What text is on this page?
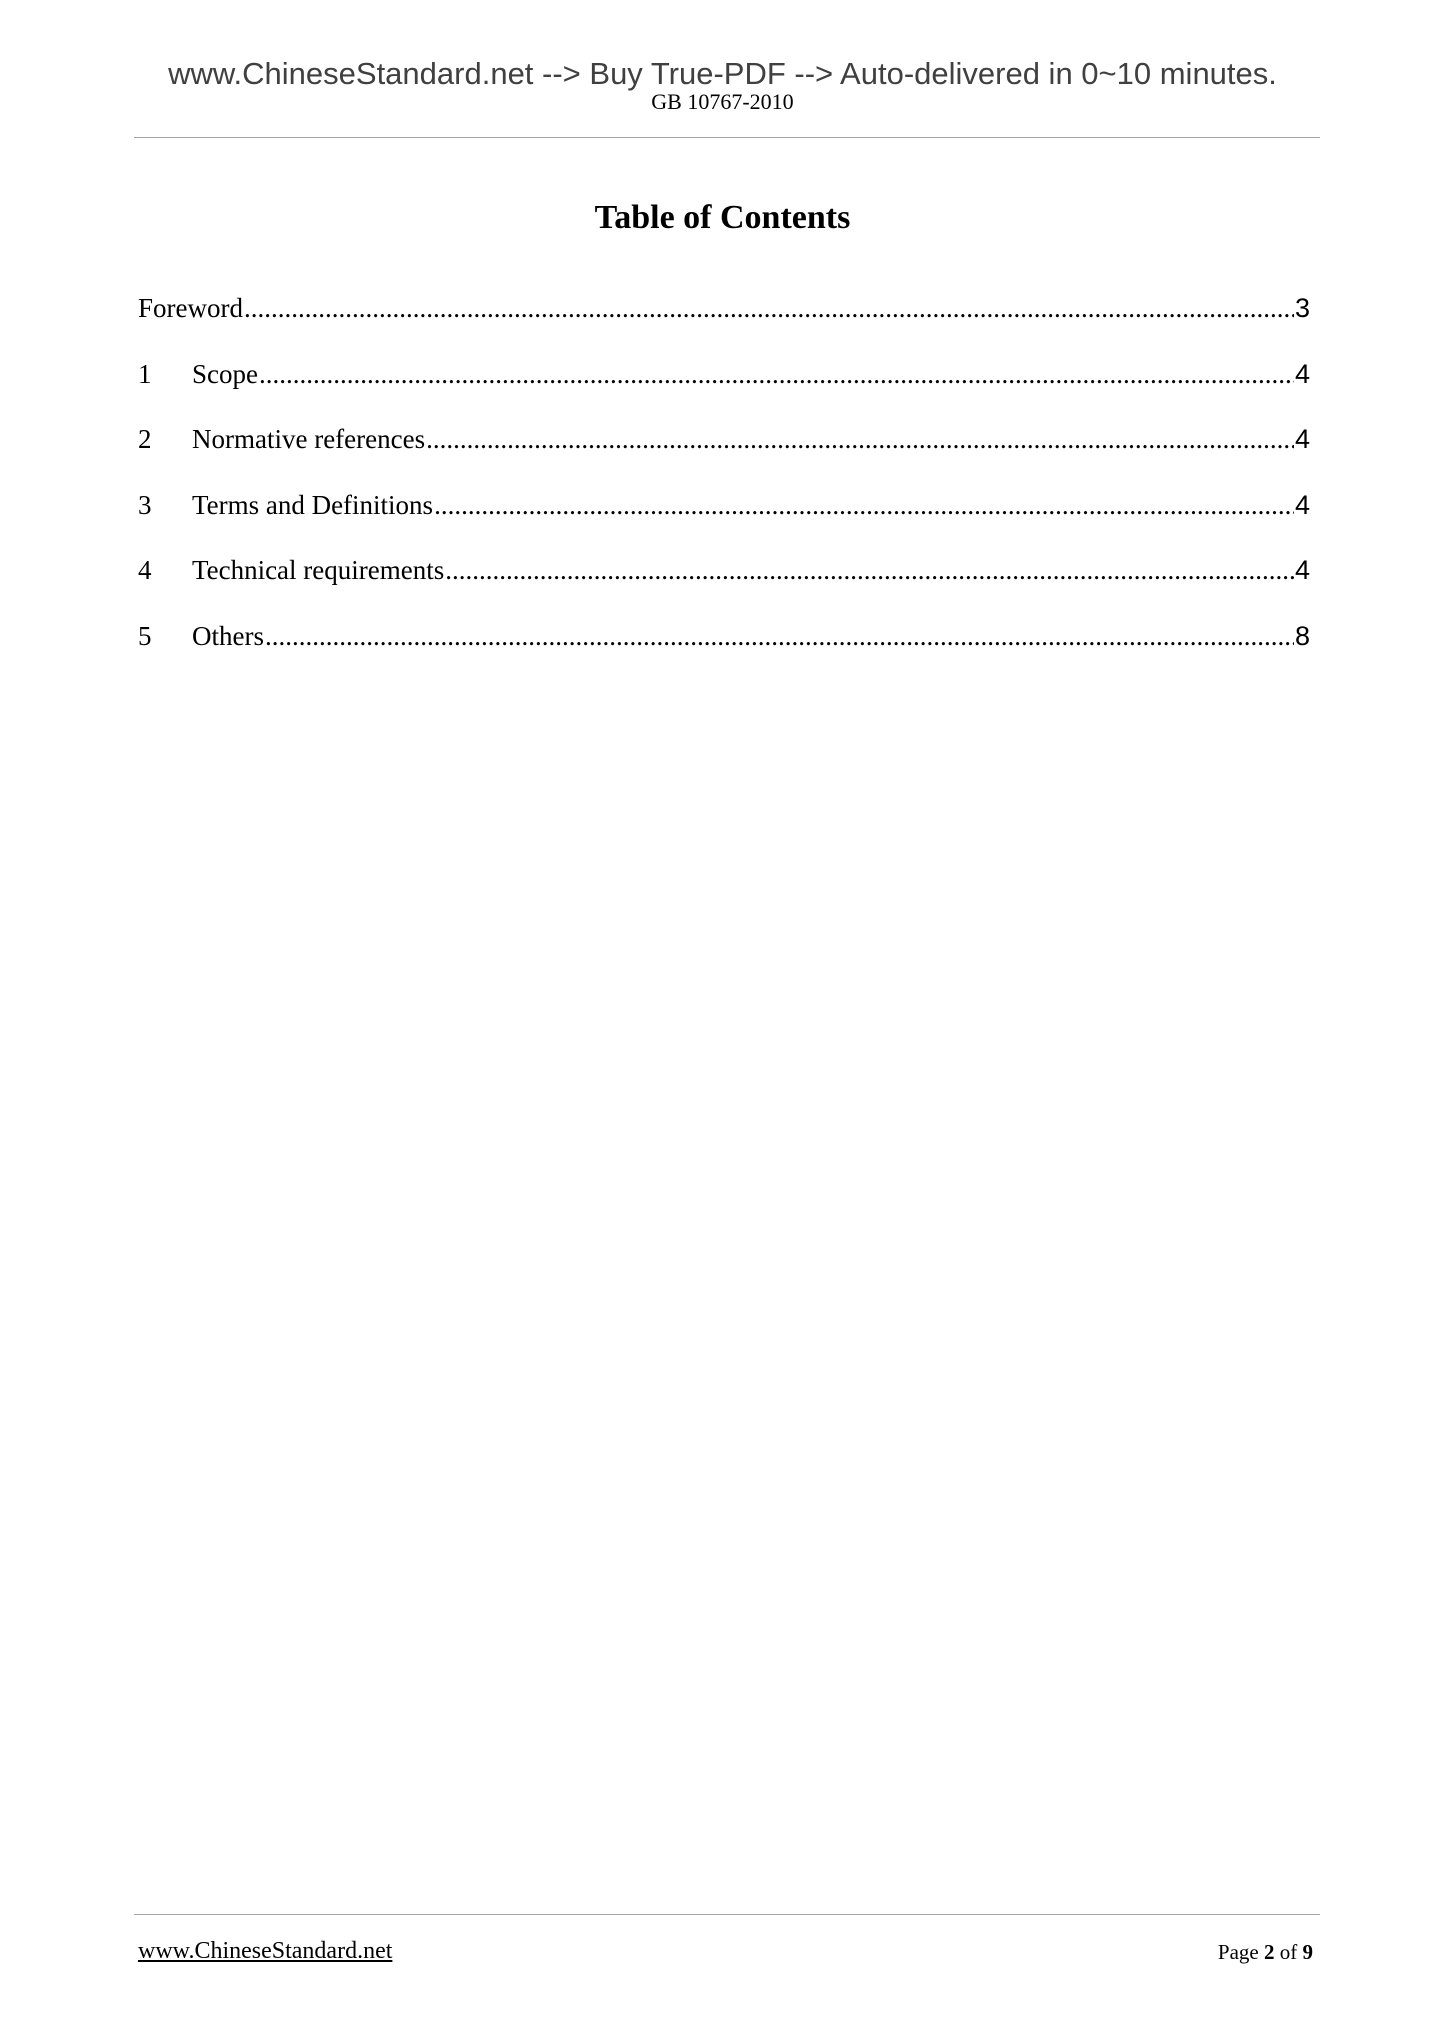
www.ChineseStandard.net --> Buy True-PDF --> Auto-delivered in 0~10 minutes.
GB 10767-2010
Table of Contents
Foreword .....	3
1	Scope .....	4
2	Normative references .....	4
3	Terms and Definitions .....	4
4	Technical requirements .....	4
5	Others .....	8
www.ChineseStandard.net	Page 2 of 9
